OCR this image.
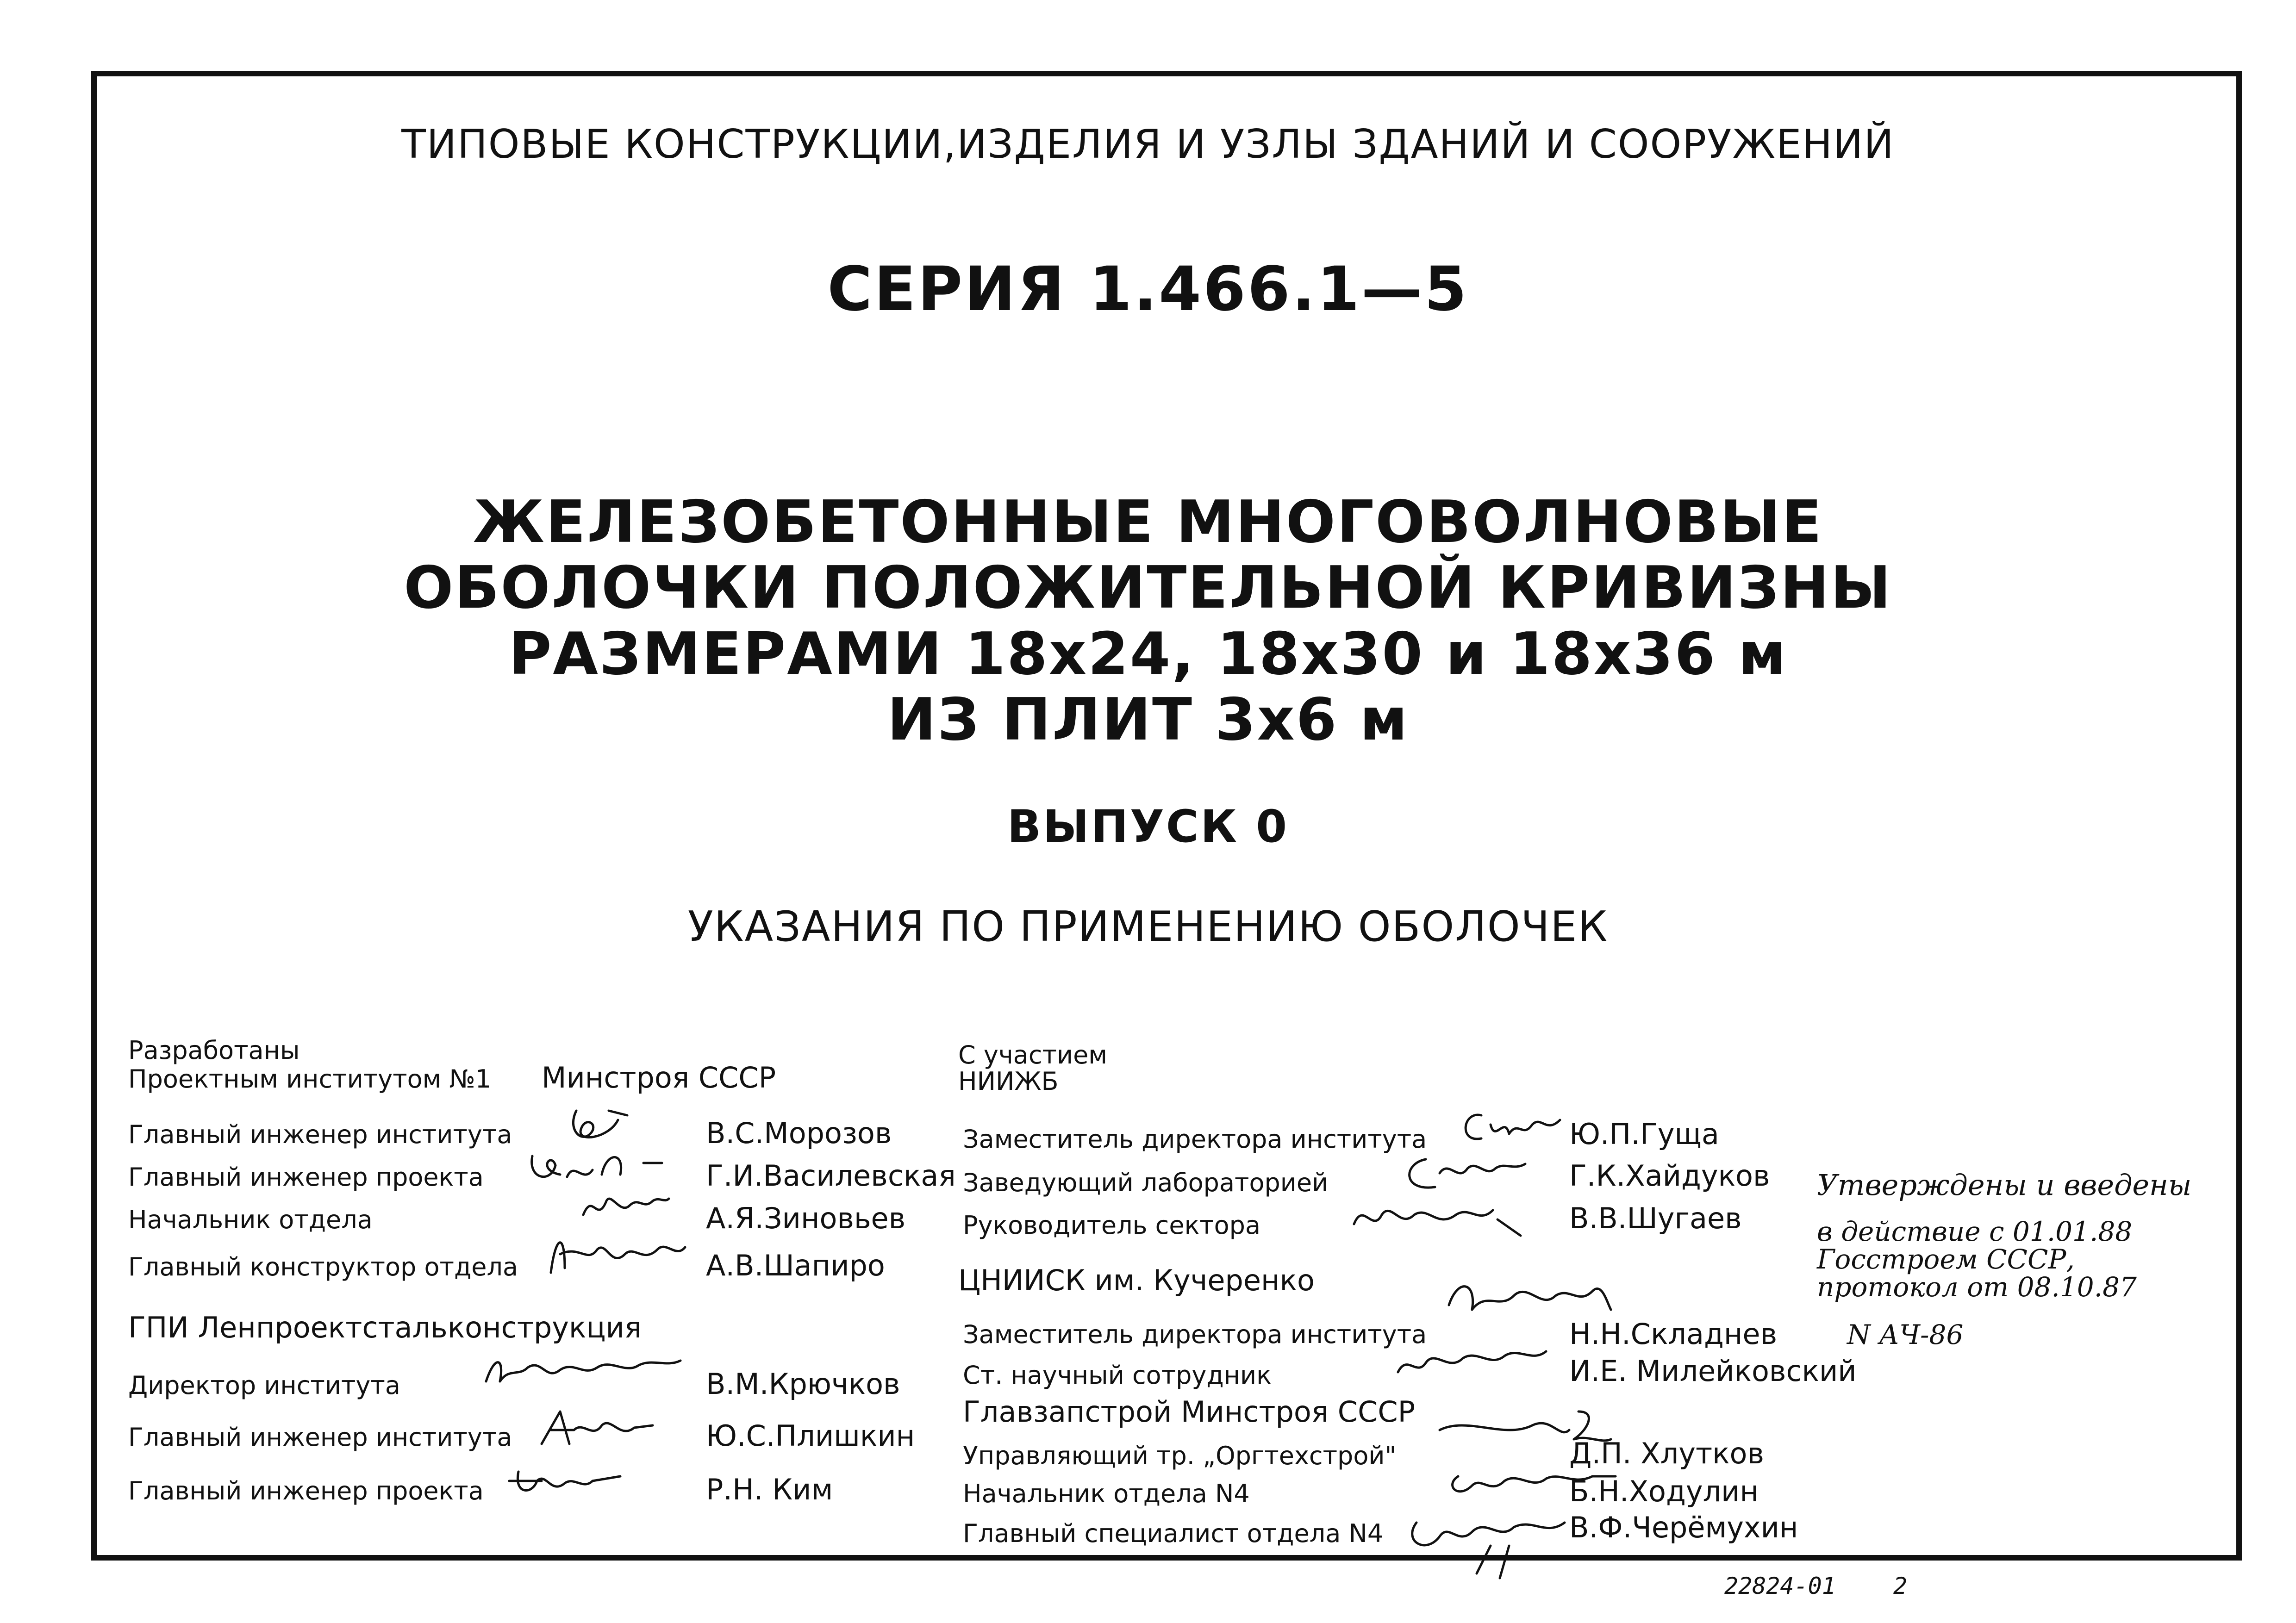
ТИПОВЫЕ КОНСТРУКЦИИ,ИЗДЕЛИЯ И УЗЛЫ ЗДАНИЙ И СООРУЖЕНИЙ
СЕРИЯ 1.466.1—5
ЖЕЛЕЗОБЕТОННЫЕ МНОГОВОЛНОВЫЕ
ОБОЛОЧКИ ПОЛОЖИТЕЛЬНОЙ КРИВИЗНЫ
РАЗМЕРАМИ 18х24, 18х30 и 18х36 м
ИЗ ПЛИТ 3х6 м
ВЫПУСК 0
УКАЗАНИЯ ПО ПРИМЕНЕНИЮ ОБОЛОЧЕК
Разработаны
Проектным институтом №1 Минстроя СССР
Главный инженер института	В.С.Морозов
Главный инженер проекта	Г.И.Василевская
Начальник отдела	А.Я.Зиновьев
Главный конструктор отдела	А.В.Шапиро
ГПИ Ленпроектстальконструкция
Директор института	В.М.Крючков
Главный инженер института	Ю.С.Плишкин
Главный инженер проекта	Р.Н. Ким
С участием
НИИЖБ
Заместитель директора института	Ю.П.Гуща
Заведующий лабораторией	Г.К.Хайдуков
Руководитель сектора	В.В.Шугаев
ЦНИИСК им. Кучеренко
Заместитель директора института	Н.Н.Складнев
Ст. научный сотрудник	И.Е. Милейковский
Главзапстрой Минстроя СССР
Управляющий тр. „Оргтехстрой"	Д.П. Хлутков
Начальник отдела N4	Б.Н.Ходулин
Главный специалист отдела N4	В.Ф.Черёмухин
Утверждены и введены
в действие с 01.01.88
Госстроем СССР,
протокол от 08.10.87
N АЧ-86
22824-01 2
